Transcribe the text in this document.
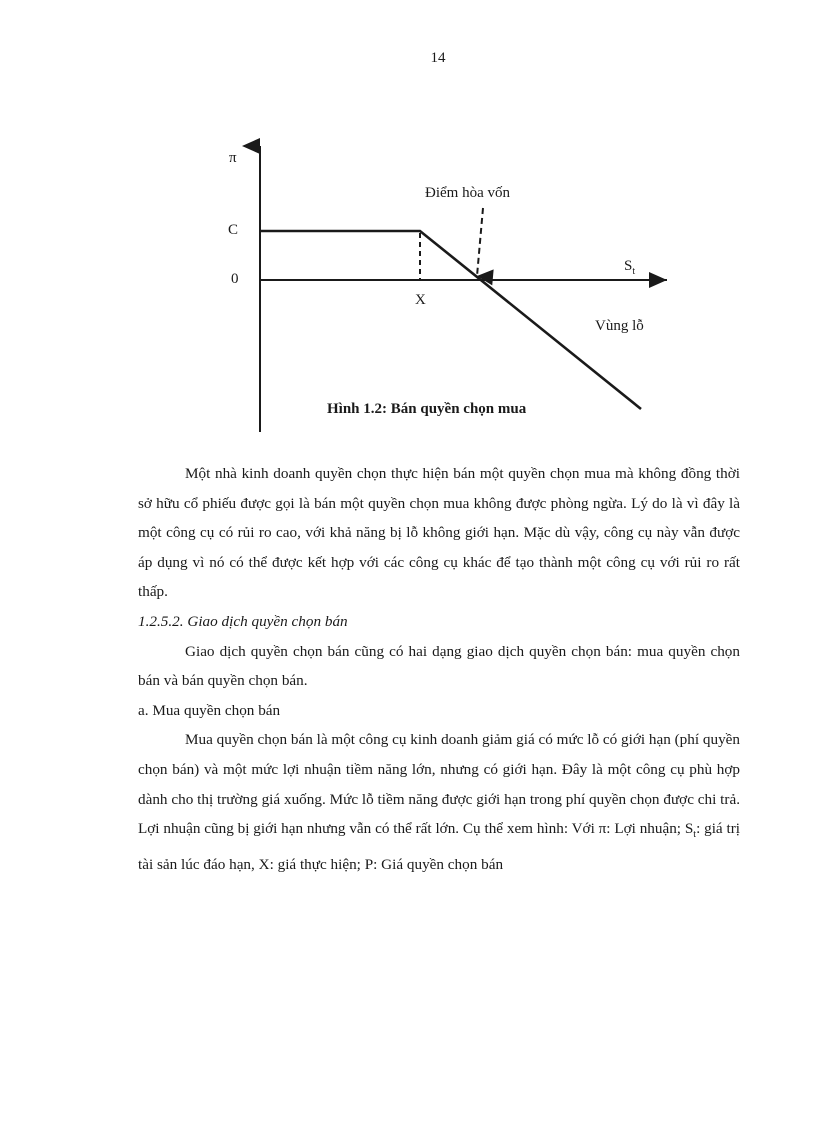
14
π
C
0
X
Điểm hòa vốn
$S_t$
Vùng lỗ
Hình 1.2: Bán quyền chọn mua

Một nhà kinh doanh quyền chọn thực hiện bán một quyền chọn mua mà không đồng thời sở hữu cổ phiếu được gọi là bán một quyền chọn mua không được phòng ngừa. Lý do là vì đây là một công cụ có rủi ro cao, với khả năng bị lỗ không giới hạn. Mặc dù vậy, công cụ này vẫn được áp dụng vì nó có thể được kết hợp với các công cụ khác để tạo thành một công cụ với rủi ro rất thấp.

1.2.5.2. Giao dịch quyền chọn bán

Giao dịch quyền chọn bán cũng có hai dạng giao dịch quyền chọn bán: mua quyền chọn bán và bán quyền chọn bán.

a. Mua quyền chọn bán

Mua quyền chọn bán là một công cụ kinh doanh giảm giá có mức lỗ có giới hạn (phí quyền chọn bán) và một mức lợi nhuận tiềm năng lớn, nhưng có giới hạn. Đây là một công cụ phù hợp dành cho thị trường giá xuống. Mức lỗ tiềm năng được giới hạn trong phí quyền chọn được chi trả. Lợi nhuận cũng bị giới hạn nhưng vẫn có thể rất lớn. Cụ thể xem hình: Với π: Lợi nhuận; $S_t$: giá trị tài sản lúc đáo hạn, X: giá thực hiện; P: Giá quyền chọn bán
